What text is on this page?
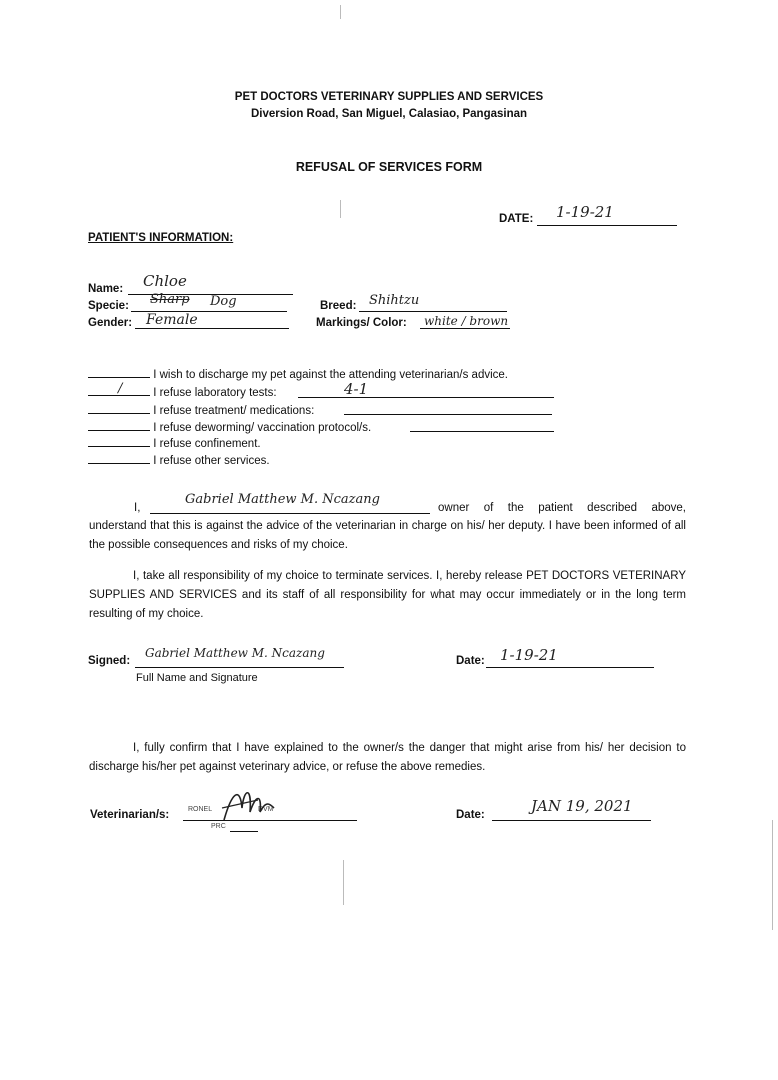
PET DOCTORS VETERINARY SUPPLIES AND SERVICES
Diversion Road, San Miguel, Calasiao, Pangasinan
REFUSAL OF SERVICES FORM
DATE: 1-19-21
PATIENT'S INFORMATION:
Name: Chloe
Specie:	Dog
Sharp
Gender: Female
Breed: Shihtzu
Markings/ Color: white / brown
I wish to discharge my pet against the attending veterinarian/s advice.
/	I refuse laboratory tests:	4-1
I refuse treatment/ medications:
I refuse deworming/ vaccination protocol/s.
I refuse confinement.
I refuse other services.
I,
Gabriel Matthew M. Ncazang
owner of the patient described above,
understand that this is against the advice of the veterinarian in charge on his/ her deputy. I have been informed of all the possible consequences and risks of my choice.
I, take all responsibility of my choice to terminate services. I, hereby release PET DOCTORS VETERINARY SUPPLIES AND SERVICES and its staff of all responsibility for what may occur immediately or in the long term resulting of my choice.
Signed:
Gabriel Matthew M. Ncazang
Full Name and Signature
Date: 1-19-21
I, fully confirm that I have explained to the owner/s the danger that might arise from his/ her decision to discharge his/her pet against veterinary advice, or refuse the above remedies.
Veterinarian/s:	RONEL	DVM
PRC
Date:	JAN 19, 2021
